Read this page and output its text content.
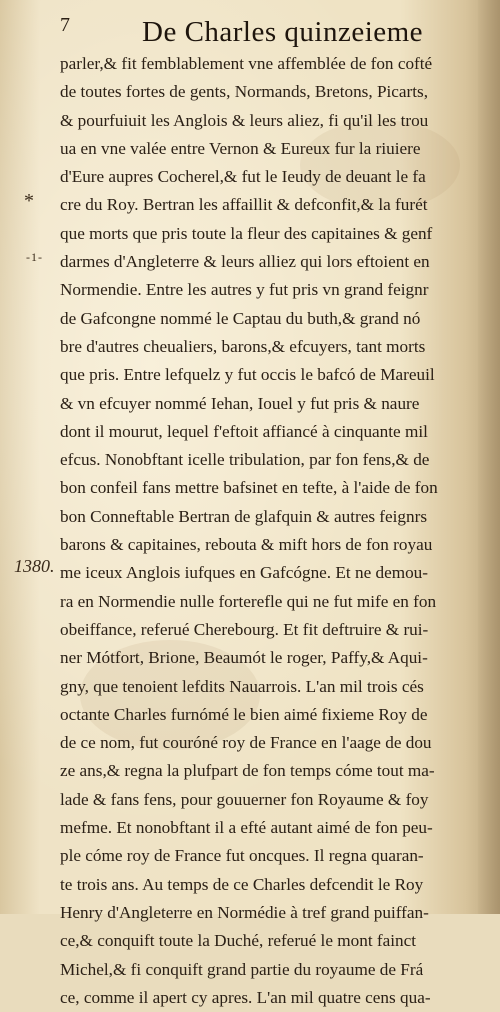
7 De Charles quinzeieme
*
-1-
1380.
parler,& fit femblablement vne affemblée de fon cofté
de toutes fortes de gents, Normands, Bretons, Picarts,
& pourfuiuit les Anglois & leurs aliez, fi qu'il les trou
ua en vne valée entre Vernon & Eureux fur la riuiere
d'Eure aupres Cocherel,& fut le Ieudy de deuant le fa
cre du Roy. Bertran les affaillit & defconfit,& la furét
que morts que pris toute la fleur des capitaines & genf
darmes d'Angleterre & leurs alliez qui lors eftoient en
Normendie. Entre les autres y fut pris vn grand feignr
de Gafcongne nommé le Captau du buth,& grand nó
bre d'autres cheualiers, barons,& efcuyers, tant morts
que pris. Entre lefquelz y fut occis le bafcó de Mareuil
& vn efcuyer nommé Iehan, Iouel y fut pris & naure
dont il mourut, lequel f'eftoit affiancé à cinquante mil
efcus. Nonobftant icelle tribulation, par fon fens,& de
bon confeil fans mettre bafsinet en tefte, à l'aide de fon
bon Conneftable Bertran de glafquin & autres feignrs
barons & capitaines, rebouta & mift hors de fon royau
me iceux Anglois iufques en Gafcógne. Et ne demou-
ra en Normendie nulle forterefle qui ne fut mife en fon
obeiffance, referué Cherebourg. Et fit deftruire & rui-
ner Mótfort, Brione, Beaumót le roger, Paffy,& Aqui-
gny, que tenoient lefdits Nauarrois. L'an mil trois cés
octante Charles furnómé le bien aimé fixieme Roy de
de ce nom, fut couróné roy de France en l'aage de dou
ze ans,& regna la plufpart de fon temps cóme tout ma-
lade & fans fens, pour gouuerner fon Royaume & foy
mefme. Et nonobftant il a efté autant aimé de fon peu-
ple cóme roy de France fut oncques. Il regna quaran-
te trois ans. Au temps de ce Charles defcendit le Roy
Henry d'Angleterre en Normédie à tref grand puiffan-
ce,& conquift toute la Duché, referué le mont fainct
Michel,& fi conquift grand partie du royaume de Frá
ce, comme il apert cy apres. L'an mil quatre cens qua-
